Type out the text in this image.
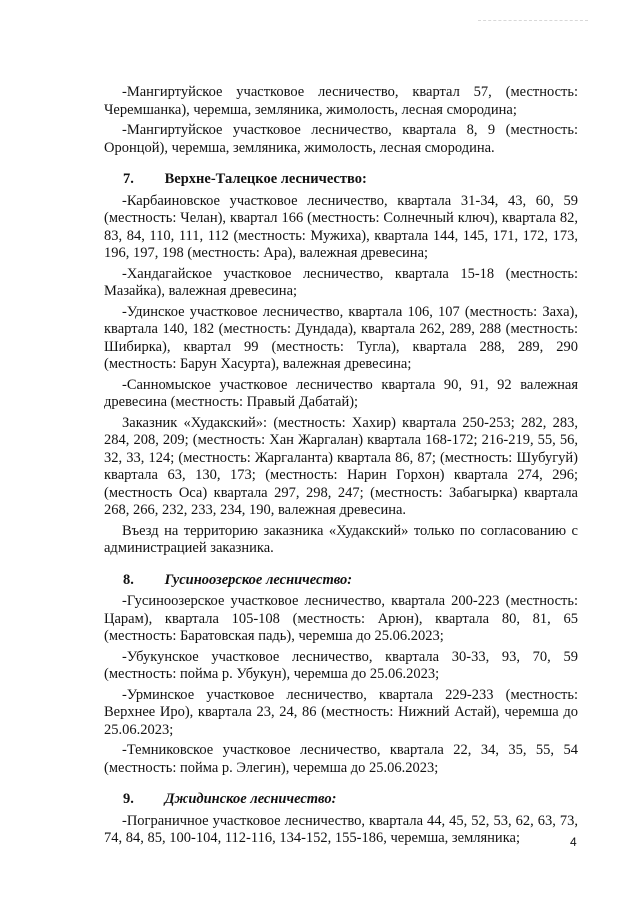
-Мангиртуйское участковое лесничество, квартал 57, (местность: Черемшанка), черемша, земляника, жимолость, лесная смородина;

-Мангиртуйское участковое лесничество, квартала 8, 9 (местность: Оронцой), черемша, земляника, жимолость, лесная смородина.

7. Верхне-Талецкое лесничество:

-Карбаиновское участковое лесничество, квартала 31-34, 43, 60, 59 (местность: Челан), квартал 166 (местность: Солнечный ключ), квартала 82, 83, 84, 110, 111, 112 (местность: Мужиха), квартала 144, 145, 171, 172, 173, 196, 197, 198 (местность: Ара), валежная древесина;

-Хандагайское участковое лесничество, квартала 15-18 (местность: Мазайка), валежная древесина;

-Удинское участковое лесничество, квартала 106, 107 (местность: Заха), квартала 140, 182 (местность: Дундада), квартала 262, 289, 288 (местность: Шибирка), квартал 99 (местность: Тугла), квартала 288, 289, 290 (местность: Барун Хасурта), валежная древесина;

-Санномыское участковое лесничество квартала 90, 91, 92 валежная древесина (местность: Правый Дабатай);

Заказник «Худакский»: (местность: Хахир) квартала 250-253; 282, 283, 284, 208, 209; (местность: Хан Жаргалан) квартала 168-172; 216-219, 55, 56, 32, 33, 124; (местность: Жаргаланта) квартала 86, 87; (местность: Шубугуй) квартала 63, 130, 173; (местность: Нарин Горхон) квартала 274, 296; (местность Оса) квартала 297, 298, 247; (местность: Забагырка) квартала 268, 266, 232, 233, 234, 190, валежная древесина.

Въезд на территорию заказника «Худакский» только по согласованию с администрацией заказника.

8. Гусиноозерское лесничество:

-Гусиноозерское участковое лесничество, квартала 200-223 (местность: Царам), квартала 105-108 (местность: Арюн), квартала 80, 81, 65 (местность: Баратовская падь), черемша до 25.06.2023;

-Убукунское участковое лесничество, квартала 30-33, 93, 70, 59 (местность: пойма р. Убукун), черемша до 25.06.2023;

-Урминское участковое лесничество, квартала 229-233 (местность: Верхнее Иро), квартала 23, 24, 86 (местность: Нижний Астай), черемша до 25.06.2023;

-Темниковское участковое лесничество, квартала 22, 34, 35, 55, 54 (местность: пойма р. Элегин), черемша до 25.06.2023;

9. Джидинское лесничество:

-Пограничное участковое лесничество, квартала 44, 45, 52, 53, 62, 63, 73, 74, 84, 85, 100-104, 112-116, 134-152, 155-186, черемша, земляника;	4
